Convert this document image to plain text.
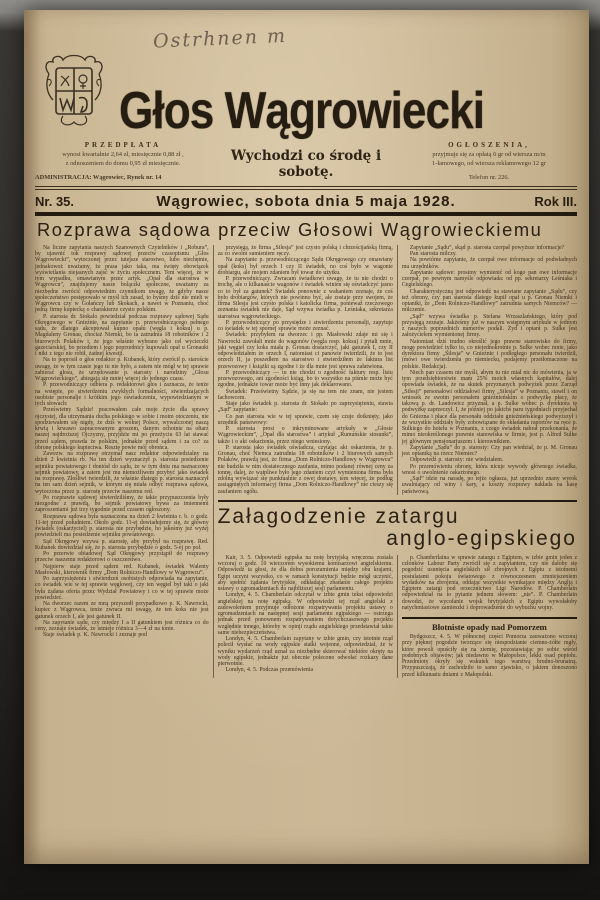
Ostrhnen m
Głos Wągrowiecki
PRZEDPŁATA
wynosi kwartalnie 2,64 zł, miesięcznie 0,88 zł ,
z odnoszeniem do domu 0,95 zł miesięcznie.
ADMINISTRACJA: Wągrowiec, Rynek nr. 14
Wychodzi co środę i sobotę.
OGŁOSZENIA,
przyjmuje się za opłatą 6 gr od wiersza m/m
1-łamowego, od wiersza reklamowego 12 gr
Telefon nr. 226.
Nr. 35.	Wągrowiec, sobota dnia 5 maja 1928.	Rok III.
Rozprawa sądowa przeciw Głosowi Wągrowieckiemu

Na liczne zapytania naszych Szanownych Czytelników i „Robura”, by ujawnić tok rozprawy sądowej przeciw czasopismu „Głos Wągrowiecki”, wytoczonej przez tutejsze starostwo, lubo niechętnie, jednakowoż uważamy, że prasa jako taka, ma święty obowiązek wyświetlania niejasnych zajść w życiu społecznem. Tem więcej, że w tym wypadku, omawianym przez artyk. „Opał dla starostwa w Wągrowcu”, znajdujemy nasze bolączki społeczne, uważamy za niezbędne zwrócić odpowiednim czynnikom uwagę, że gdyby nasze społeczeństwo postępowało w myśl ich zasad, to byśmy dziś nie mieli w Wągrowcu czy w Gołańczy lub Skokach, a nawet w Poznaniu, choć jedną firmę kupiecką o charakterze czysto polskim.

P. starosta dr. Siokalo powiedział podczas rozprawy sądowej Sądu Okręgowego w Gnieźnie, na zapytanie p. przewodniczącego pełnego sądu, że dlatego akceptował kupno opału (węgla i koksu) u p. Magdaleny Gronau, chociaż Niemki, bo ta zatrudnia 18 robotników i 2 biurowych Polaków i, że jego właśnie wybrano jako cel wycieczki gazeciarskiej, bo przedtem i jego poprzednicy kupowali opał u Gronauki i nikt z tego nie robił, żadnej kwestji.

Na to poprosił o głos redaktor p. Kubanek, który zwrócił p. staroście uwagę, że w tym czasie jego tu nie było, a zatem nie mógł w tej sprawie zabierać głosu, że urzędowanie p. starosty i narodziny „Głosu Wągrowieckiego”, abiegają się mniej więcej do jednego czasu.

P. przewodniczący odbiera p. redaktorowi głos i zaznacza, że tenże na wstępie, po stwierdzeniu zwykłych formalności, stwierdzających osobiste personalje i krótkim jego oświadczeniu, wypowiedzianym w tych słowach:

Prześwietny Sądzie! pracowałem całe moje życie dla sprawy ojczystej, dla utrzymania ducha polskiego w sobie i moim otoczeniu, nie spodziewałem się nigdy, że dziś w wolnej Polsce, wywalczonej naszą krwią i krwawo zapracowanym groszem, danym ochotnie na ołtarz naszej najdroższej Ojczyzny, przyjdzie mi po przeżyciu 63 lat stawać przed sądem, prawda że polskim, jednakże przed sądem i za co? za obronę polskiego kupiectwa. Resztę powie mój obrońca.

Zawezw. na rozprawę otrzymał nasz redaktor odpowiedzialny na dzień 2 kwietnia rb. Na ten dzień wyznaczył p. starosta posiedzenie sejmiku powiatowego i doniósł do sądu, że w tym dniu ma naznaczony sejmik powiatowy, a zatem jest mu niemożliwem przybyć jako świadek na rozprawę. Złośliwi twierdzili, że właśnie dlatego p. starosta naznaczył na ten sam dzień sejmik, w którym się miała odbyć rozprawa sądowa, wytoczona przez p. starostę przeciw naszemu red.

Po rozprawie sądowej stwierdziliśmy, że takie przypuszczenia były niezgodne z prawdą, bo sejmik powiatowy bywa za imiennemi zaproszeniami już trzy tygodnie przed czasem ogłoszony.

Rozprawa sądowa była naznaczona na dzień 2 kwietnia r. b. o godz. 11-tej przed południem. Około godz. 11-ej dowiadujemy się, że główny świadek (oskarżyciel) p. starosta nie przybędzie, bo jakeśmy już wyżej powiedzieli ma posiedzenie sejmiku powiatowego.

Sąd Okręgowy wzywa p. starostę, aby przybył na rozprawę. Red. Kubanek dowiedział się, że p. starosta przybędzie o godz. 5-ej po poł.

Po przerwie obiadowej Sąd Okręgowy przystąpił do rozprawy przeciw naszemu redaktorowi o oszczerstwo.

Najpierw staje przed sądem red. Kubanek, świadek Walenty Masłowski, kierownik firmy „Dom Rolniczo-Handlowy w Wągrowcu”.

Po zaprzysiężeniu i stwierdzeń osobistych odpowiada na zapytanie, co świadek wie w tej sprawie węglowej, czy ten węgiel był taki o jaki była żądana oferta przez Wydział Powiatowy i co w tej sprawie może powiedzieć.

Na dworzec razem ze mną przyszedł przypadkowo p. K. Nawrocki, kupiec z Wągrowca, tenże zwraca mi uwagę, że ten koks nie jest gatunek orzech I, ale jest gatunek II.

Na zapytanie sądu, czy między I a II gatunkiem jest różnica co do ceny, zeznaje świadek, że istnieje różnica 3—4 zł na tonie.

Staje świadek p. K. Nawrocki i zeznaje pod

przysięgą, że firma „Silesja” jest czysto polską i chrześcijańską firmą, za co swoim sumieniem ręczy.

Na zapytanie p. przewodniczącego Sądu Okręgowego czy omawiany opał (koks) był orzech I czy II świadek, no coś było w wagonie drobiargu, ale mojem zdaniem był towar do użytku.

P. przewodniczący. Zwracam świadkowi uwagę, że tu nie chodzi o trochę, ale o kilkanaście wagonów i świadek winien się oświadczyć jasno co to był za gatunek? Świadek ponownie z wahaniem zeznaje, że coś było drobiargów, których nie powinno być, ale zostaje przy swojem, że firma Silesja jest czysto polska i katolicka firma, ponieważ rzeczowego zeznania świadek nie daje, Sąd wzywa świadka p. Leśniaka, sekretarza starostwa wągrowieckiego.

P. przewodniczący po przysiędze i stwierdzeniu personalji, zapytuje co świadek w tej spornej sprawie może zeznać.

Świadek: przybyłem na dworzec i pp. Masłowski zdaje mi się i Nawrocki zawołali mnie do wagonów (węgla resp. koksu) i pytali mnie, jaki węgiel czy koks miała p. Gronau dostarczyć, jaki gatunek I, czy II odpowiedziałem że orzech I, natomiast ci panowie twierdzili, że to jest orzech II, ja poszedłem na starostwo i stwierdziłem że faktura list przewozowy i książki są zgodne i że dla mnie jest sprawa załatwiona.

P. przewodniczący — tu nie chodzi o zgodność faktury resp. listu przewozowego, ani zgodności ksiąg, bo to wszystko na piśmie może być zgodne, jednakże towar może być inny jak deklarowano.

Świadek: Prześwietny Sądzie, ja się na tem nie znam, nie jestem fachowcem.

Staje jako świadek p. starosta dr. Siokało po zaprzysiężeniu, stawia „Sąd” zapytanie:

Co pan starosta wie w tej sprawie, czem się czuje dotknięty, jako urzędnik państwowy:

P. starosta prosi o inkryminowane artykuły w „Głosie Wągrowieckim”, „Opał dla starostwa” i artykuł „Rumuńskie stosunki”, także i o akt oskarżenia, przez niego wniesiony.

P. starosta jako świadek oświadcza, czytając akt oskarżenia, że p. Gronau, choć Niemca zatrudnia 18 robotników i 2 biurowych samych Polaków, prawdą jest, że firma „Dom Rolniczo-Handlowy w Wągrowcu” nie budziła w nim dostatecznego zaufania, mimo podanej równej ceny za tonnę, dalej, że wątpliwe było jego zdaniem czyż wymieniona firma była zdolną wywiązać się punktualnie z owej dostawy, tem więcej, że podług zasiągniętych informacyj firma „Dom Rolniczo-Handlowy” nie cieszy się zaufaniem ogółu.

Zapytanie „Sądu”, skąd p. starosta czerpał powyższe informacje?

Pan starosta milczy.

Na powtórne zapytanie, że czerpał owe informacje od podwładnych mu urzędników.

Zapytanie sądowe: prosimy wymienić od kogo pan owe informacje czerpał, po pewnym namyśle odpowiada: od pp. sekretarzy Leśniaka i Cegielskiego.

Charakterystyczną jest odpowiedź na stawiane zapytanie „Sądu”, czy też obrony, czy pan starosta dlatego kupił opał u p. Gronau Niemki i optantki, że „Dom Rolniczo-Handlowy” zatrudnia samych Niemców? — milczenie.

„Sąd” wzywa świadka p. Stefana Wrzaszlańskiego, który pod przysięgą zeznaje. Jakżeśmy już w naszym wstępnym artykule w jednym z naszych poprzednich numerów podali. Żyd i optant p. Sulke jest założycielem wymienionej firmy.

Natomiast dziś trudno określić jego prawne stanowisko do firmy, mogę powiedzieć tylko to, co niejednokrotnie p. Sulke wobec mnie, jako dyrektora firmy „Silesja” w Gnieźnie i podległego personału twierdził, (mówi owe twierdzenia po niemiecku, podajemy przetłomaczone na polskie. Redakcja).

Niech pan czasem nie myśli, abym tu nie miał nic do mówienia, ja w tym przedsiębiorstwie mam 25% moich własnych kapitałów, dalej opowiada świadek, że na skutek przyznanych podwyżek przez Zarząd „Silesji” personałowi oddziałowi firmy „Silesja” w Poznaniu, stawił i on wniosek ze swoim personałem gnieźnieńskim o podwyżkę płacy, że takową p. dr. Laudowicz przyznał, a p. Sulke wobec p. dyrektora tę podwyżkę zaprzeczył. I, że później po jakichś paru tygodniach przyjechał do Gniezna i płace dla personału oddziału gnieźnieńskiego podwyższył i że wszystkie oddziały były zobowiązane do składania raportów na ręce p. Sulkiego do hotelu w Poznaniu, z czego świadek nabrał przekonania, że mimo nieokreślonego prawnie stanowiska w firmie, jest p. Alfred Sulke jej głównym pensjonarjuszem i kierownikiem.

Zapytanie „Sądu” do p. starosty: Czy pan wiedział, że p. M. Gronau jest optantką na rzecz Niemiec?

Odpowiedź p. starosty: nie wiedziałem.

Po przemówieniu obrony, która nicuje wywody głównego świadka, wnosi o uwolnienie oskarżonego.

„Sąd” idzie na naradę, po tejże ogłasza, już uprzednio znany wyrok uwalniający od winy i kary, a koszty rozprawy nakłada na kasę państwową.

Załagodzenie zatargu
anglo-egipskiego

Kair, 3. 5. Odpowiedź egipska na notę brytyjską wręczona została wczoraj o godz. 10 wieczorem wysokiemu komisarzowi angielskiemu. Odpowiedź ta głosi, że dla dobra porozumienia między obu krajami, Egipt uczyni wszystko, co w ramach konstytucji będzie mógł uczynić, aby spełnić żądania brytyjskie, odkładając zbadanie całego projektu ustawy o zgromadzeniach do najbliższej sesji parlamentu.

Londyn, 4. 5. Chamberlain odczytał w izbie gmin tekst odpowiedzi angielskiej na notę egipską. W odpowiedzi tej rząd angielski z zadowoleniem przyjmuje odłożone rozpatrywania projektu ustawy o zgromadzeniach na następnej sesji parlamentu egipskiego — ostrzega jednak przed ponownem rozpatrywaniem dotychczasowego projektu względnie innego, któreby w opinji rządu angielskiego przedstawiał takie same niebezpieczeństwa.

Londyn, 4. 5. Chamberlain zapytany w izbie gmin, czy istotnie rząd polecił wysłać na wody egipskie statki wojenne, odpowiedział, że w wyniku wydarzeń rząd uznał za niezbędne skierować niektóre okręty na wody egipskie, jednakże już obecnie polecono odwołać rozkazy dane pierwotnie.

Londyn, 4. 5. Podczas przemówienia

p. Chamberlaina w sprawie zatargu z Egiptem, w izbie gmin jeden z członków Labour Party zwrócił się z zapytaniem, czy nie dałoby się pogodzić usunięcia angielskich sił zbrojnych z Egiptu z istotnemi postulatami pokoju światowego z równoczesnem zmniejszeniem wydatków na zbrojenia, oddając wszystkie wynikające między Anglją i Egiptem zatargi pod orzecznictwo Ligi Narodów. P. Chamberlain odpowiedział na to pytanie jednem słowem: „nie”. P. Chamberlain dowodzi, że wycofanie wojsk brytyjskich z Egiptu wywołałoby natychmiastowe zamieszki i doprowadzenie do wybuchu wojny.

Błotniste opady nad Pomorzem

Bydgoszcz, 4. 5. W północnej części Pomorza zauważono wczoraj przy pięknej pogodzie tworzące się niespodzianie ciemno-żółte mgły, które powoli opuściły się na ziemię, pozostawiając po sobie wśród podobnych objawów; jak niedawno w Małopolsce, lekki osad popiołu. Przedmioty okryły się wskutek tego warstwą brudno-brunatną. Przypuszczają, że zachodziło to samo zjawisko, o jakiem donoszono przed kilkunastu dniami z Małopolski.
